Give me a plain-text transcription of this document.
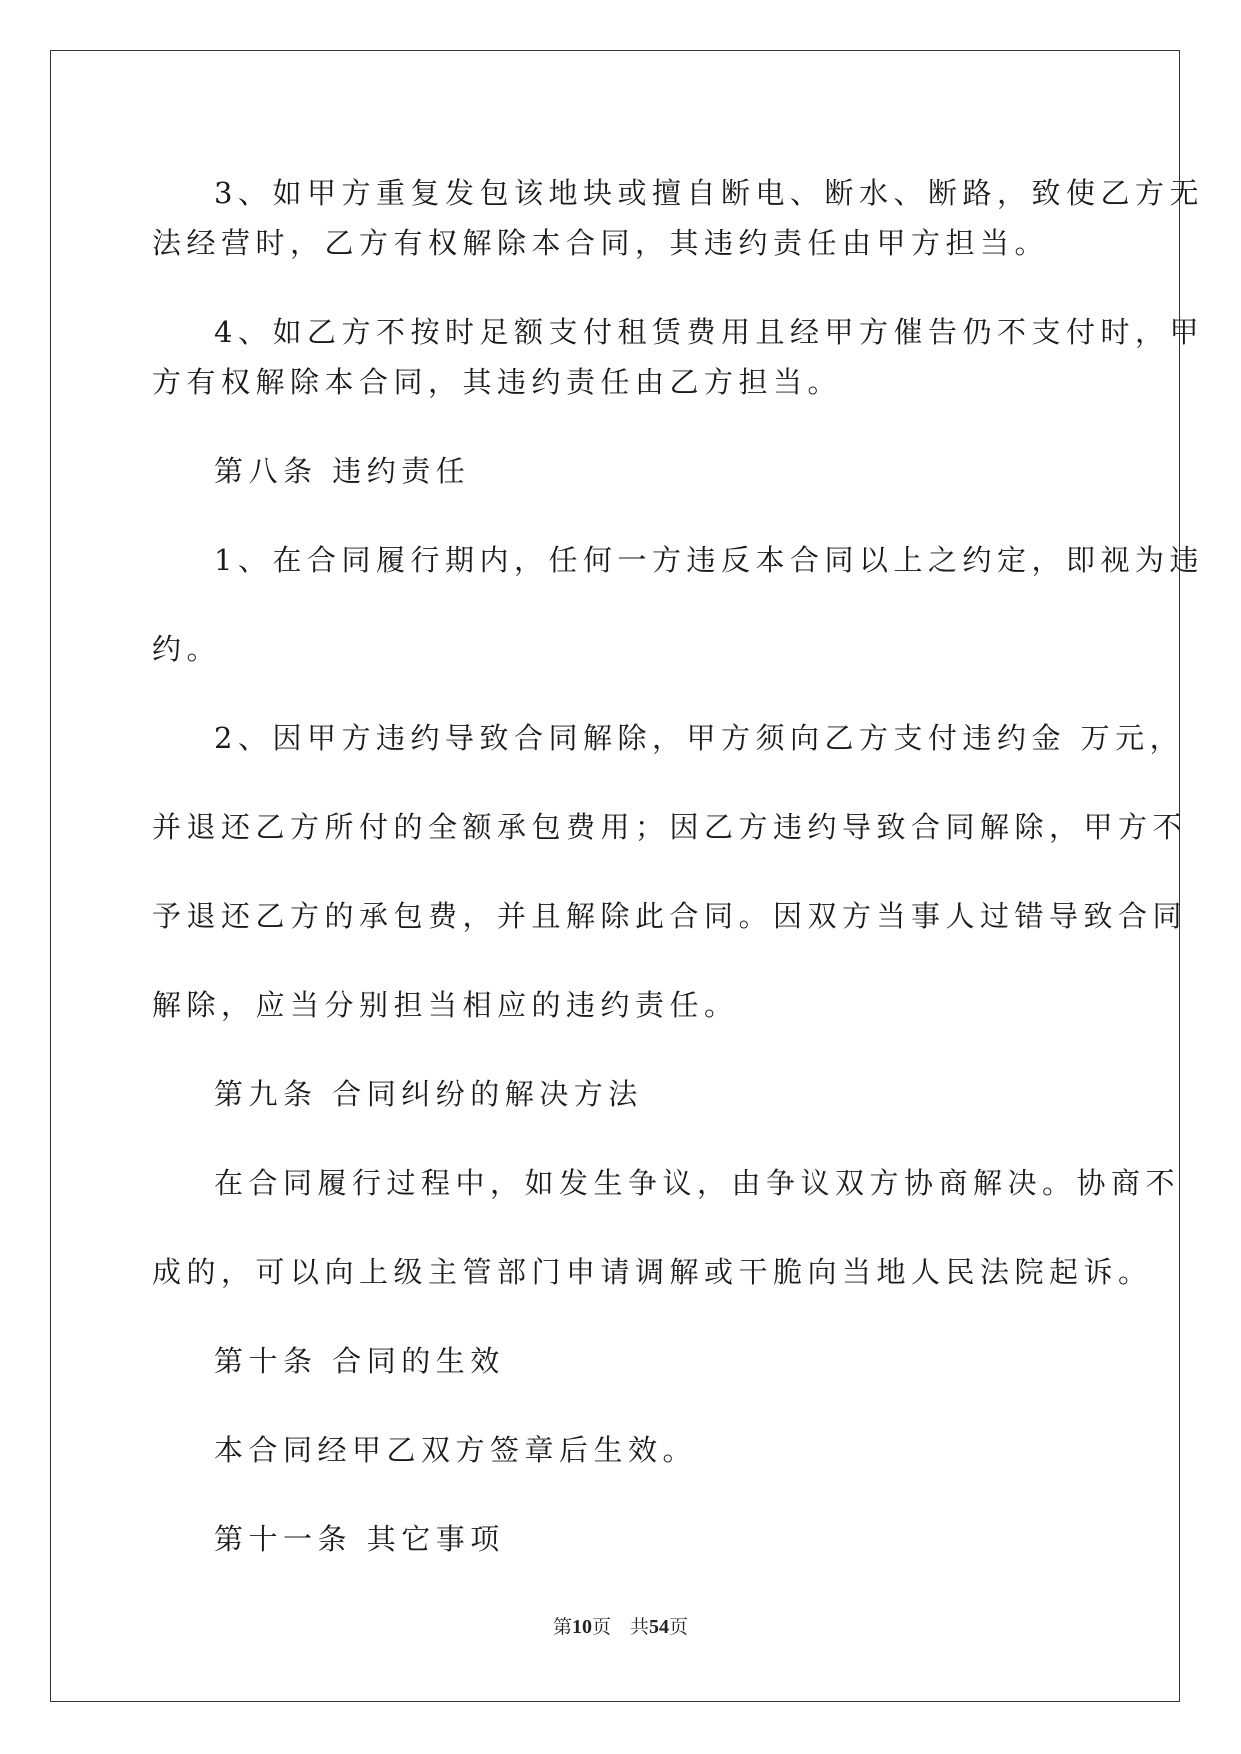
3、如甲方重复发包该地块或擅自断电、断水、断路，致使乙方无

法经营时，乙方有权解除本合同，其违约责任由甲方担当。

4、如乙方不按时足额支付租赁费用且经甲方催告仍不支付时，甲

方有权解除本合同，其违约责任由乙方担当。

第八条 违约责任

1、在合同履行期内，任何一方违反本合同以上之约定，即视为违

约。

2、因甲方违约导致合同解除，甲方须向乙方支付违约金 万元，

并退还乙方所付的全额承包费用；因乙方违约导致合同解除，甲方不

予退还乙方的承包费，并且解除此合同。因双方当事人过错导致合同

解除，应当分别担当相应的违约责任。

第九条 合同纠纷的解决方法

在合同履行过程中，如发生争议，由争议双方协商解决。协商不

成的，可以向上级主管部门申请调解或干脆向当地人民法院起诉。

第十条 合同的生效

本合同经甲乙双方签章后生效。

第十一条 其它事项

第10页　共54页
